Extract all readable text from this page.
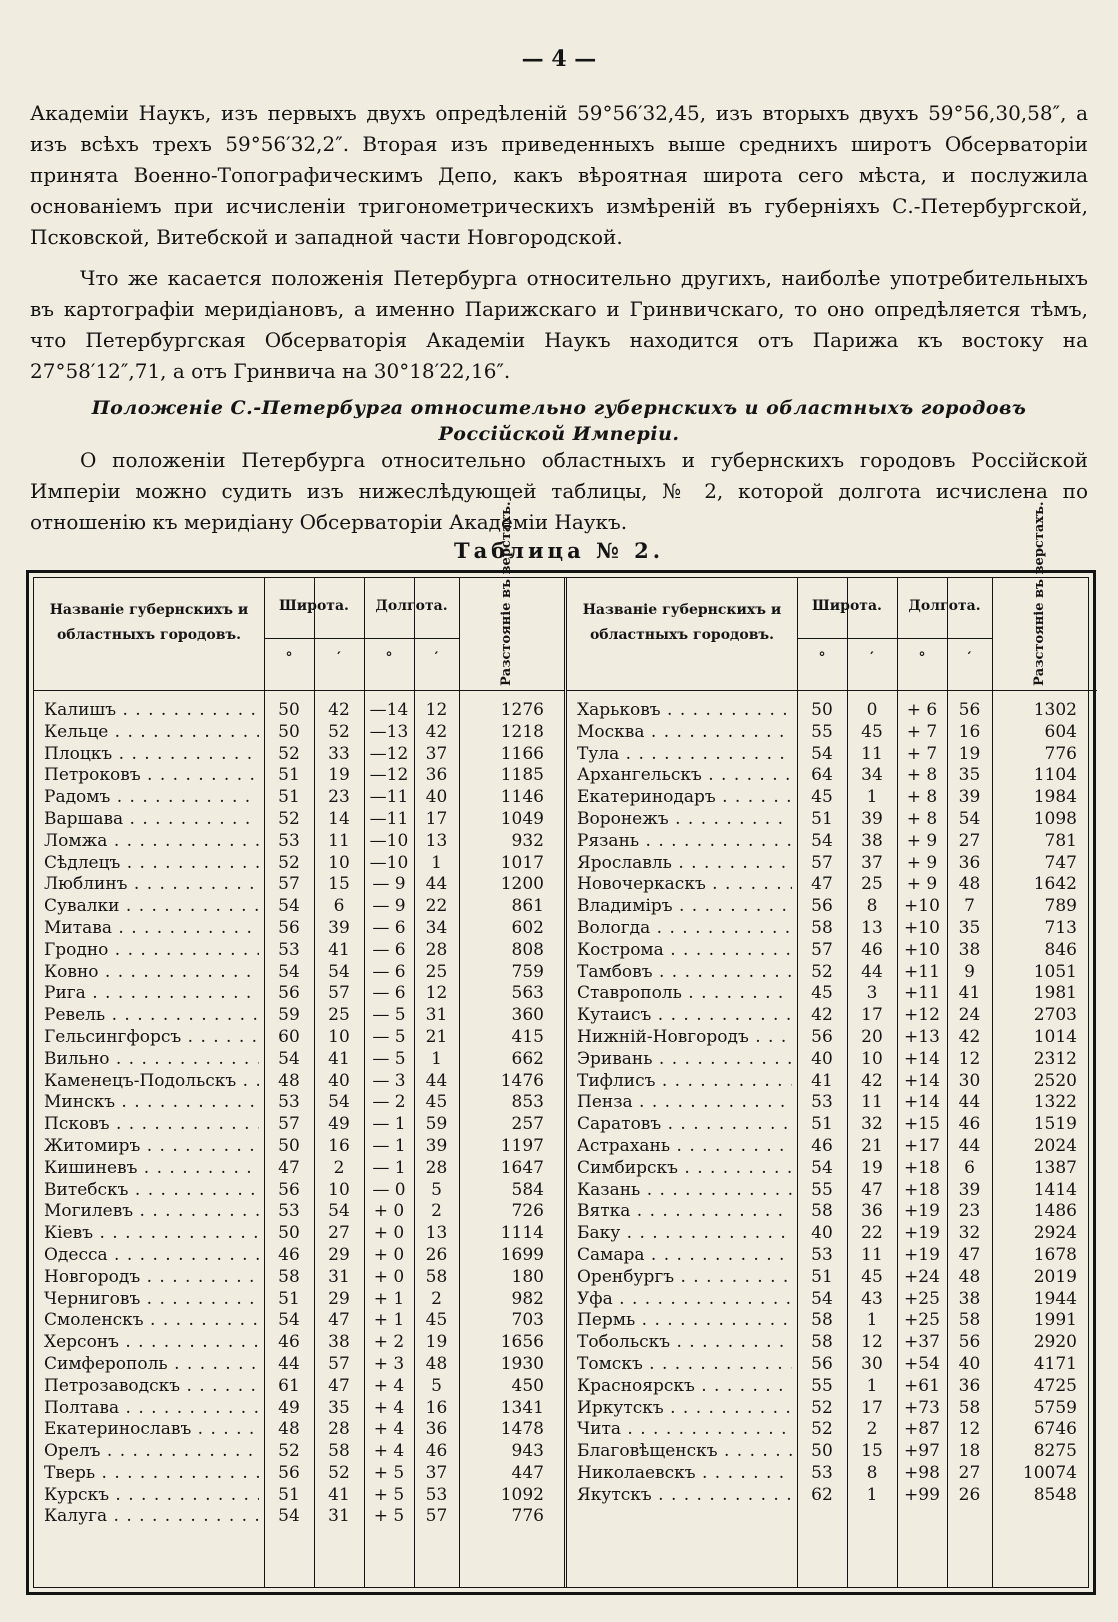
— 4 —
Академіи Наукъ, изъ первыхъ двухъ опредѣленій 59°56′32,45, изъ вторыхъ двухъ 59°56,30,58″, а изъ всѣхъ трехъ 59°56′32,2″. Вторая изъ приведенныхъ выше среднихъ широтъ Обсерваторіи принята Военно-Топографическимъ Депо, какъ вѣроятная широта сего мѣста, и послужила основаніемъ при исчисленіи тригонометрическихъ измѣреній въ губерніяхъ С.-Петербургской, Псковской, Витебской и западной части Новгородской.
Что же касается положенія Петербурга относительно другихъ, наиболѣе употребительныхъ въ картографіи меридіановъ, а именно Парижскаго и Гринвичскаго, то оно опредѣляется тѣмъ, что Петербургская Обсерваторія Академіи Наукъ находится отъ Парижа къ востоку на 27°58′12″,71, а отъ Гринвича на 30°18′22,16″.
Положеніе С.-Петербурга относительно губернскихъ и областныхъ городовъ Россійской Имперіи.
О положеніи Петербурга относительно областныхъ и губернскихъ городовъ Россійской Имперіи можно судить изъ нижеслѣдующей таблицы, № 2, которой долгота исчислена по отношенію къ меридіану Обсерваторіи Академіи Наукъ.
Таблица № 2.
Названіе губернскихъ и областныхъ городовъ.
Широта.	Долгота.
°	′	°	′	Разстояніе въ верстахъ.
Калишъ . . .	50	42	—14	12	1276
Кельце . . .	50	52	—13	42	1218
Плоцкъ . . .	52	33	—12	37	1166
Петроковъ . . .	51	19	—12	36	1185
Радомъ . . .	51	23	—11	40	1146
Варшава . . .	52	14	—11	17	1049
Ломжа . . .	53	11	—10	13	932
Сѣдлецъ . . .	52	10	—10	1	1017
Люблинъ . . .	57	15	— 9	44	1200
Сувалки . . .	54	6	— 9	22	861
Митава . . .	56	39	— 6	34	602
Гродно . . .	53	41	— 6	28	808
Ковно . . .	54	54	— 6	25	759
Рига . . .	56	57	— 6	12	563
Ревель . . .	59	25	— 5	31	360
Гельсингфорсъ . . .	60	10	— 5	21	415
Вильно . . .	54	41	— 5	1	662
Каменецъ-Подольскъ . . .	48	40	— 3	44	1476
Минскъ . . .	53	54	— 2	45	853
Псковъ . . .	57	49	— 1	59	257
Житомиръ . . .	50	16	— 1	39	1197
Кишиневъ . . .	47	2	— 1	28	1647
Витебскъ . . .	56	10	— 0	5	584
Могилевъ . . .	53	54	+ 0	2	726
Кіевъ . . .	50	27	+ 0	13	1114
Одесса . . .	46	29	+ 0	26	1699
Новгородъ . . .	58	31	+ 0	58	180
Черниговъ . . .	51	29	+ 1	2	982
Смоленскъ . . .	54	47	+ 1	45	703
Херсонъ . . .	46	38	+ 2	19	1656
Симферополь . . .	44	57	+ 3	48	1930
Петрозаводскъ . . .	61	47	+ 4	5	450
Полтава . . .	49	35	+ 4	16	1341
Екатеринославъ . . .	48	28	+ 4	36	1478
Орелъ . . .	52	58	+ 4	46	943
Тверь . . .	56	52	+ 5	37	447
Курскъ . . .	51	41	+ 5	53	1092
Калуга . . .	54	31	+ 5	57	776
Названіе губернскихъ и областныхъ городовъ.
Широта.	Долгота.
°	′	°	′	Разстояніе въ верстахъ.
Харьковъ . . .	50	0	+ 6	56	1302
Москва . . .	55	45	+ 7	16	604
Тула . . .	54	11	+ 7	19	776
Архангельскъ . . .	64	34	+ 8	35	1104
Екатеринодаръ . . .	45	1	+ 8	39	1984
Воронежъ . . .	51	39	+ 8	54	1098
Рязань . . .	54	38	+ 9	27	781
Ярославль . . .	57	37	+ 9	36	747
Новочеркаскъ . . .	47	25	+ 9	48	1642
Владиміръ . . .	56	8	+10	7	789
Вологда . . .	58	13	+10	35	713
Кострома . . .	57	46	+10	38	846
Тамбовъ . . .	52	44	+11	9	1051
Ставрополь . . .	45	3	+11	41	1981
Кутаисъ . . .	42	17	+12	24	2703
Нижній-Новгородъ . . .	56	20	+13	42	1014
Эривань . . .	40	10	+14	12	2312
Тифлисъ . . .	41	42	+14	30	2520
Пенза . . .	53	11	+14	44	1322
Саратовъ . . .	51	32	+15	46	1519
Астрахань . . .	46	21	+17	44	2024
Симбирскъ . . .	54	19	+18	6	1387
Казань . . .	55	47	+18	39	1414
Вятка . . .	58	36	+19	23	1486
Баку . . .	40	22	+19	32	2924
Самара . . .	53	11	+19	47	1678
Оренбургъ . . .	51	45	+24	48	2019
Уфа . . .	54	43	+25	38	1944
Пермь . . .	58	1	+25	58	1991
Тобольскъ . . .	58	12	+37	56	2920
Томскъ . . .	56	30	+54	40	4171
Красноярскъ . . .	55	1	+61	36	4725
Иркутскъ . . .	52	17	+73	58	5759
Чита . . .	52	2	+87	12	6746
Благовѣщенскъ . . .	50	15	+97	18	8275
Николаевскъ . . .	53	8	+98	27	10074
Якутскъ . . .	62	1	+99	26	8548
